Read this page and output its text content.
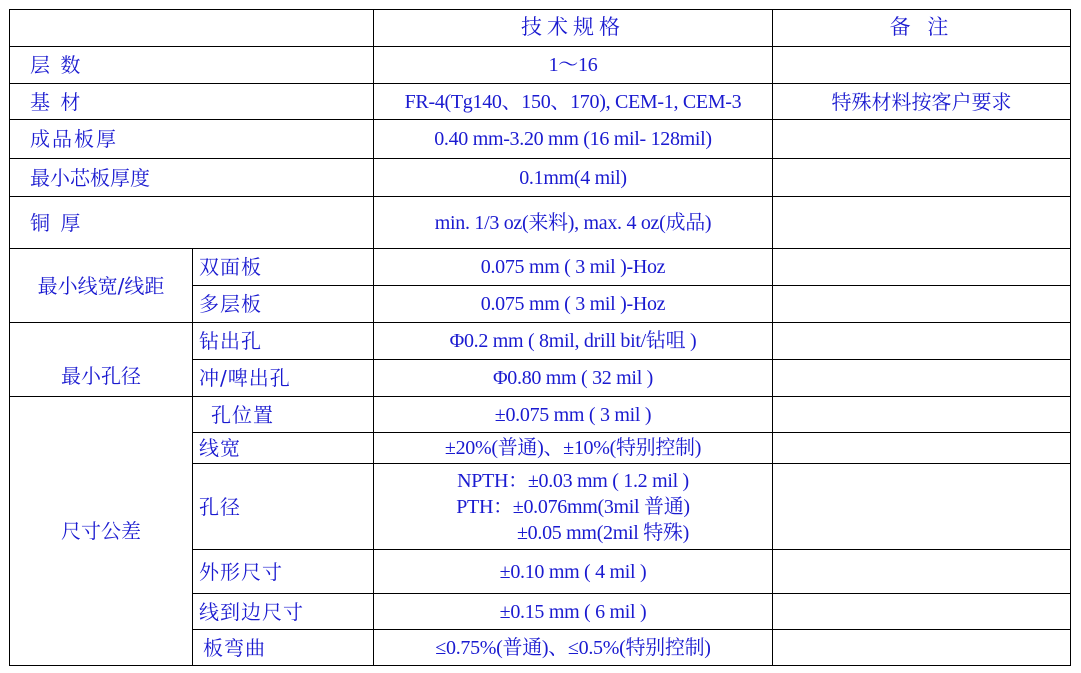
		技术规格	备 注
层 数		1～16	
基 材		FR-4(Tg140、150、170), CEM-1, CEM-3	特殊材料按客户要求
成品板厚		0.40 mm-3.20 mm (16 mil- 128mil)	
最小芯板厚度		0.1mm(4 mil)	
铜 厚		min. 1/3 oz(来料), max. 4 oz(成品)	
最小线宽/线距	双面板	0.075 mm ( 3 mil )-Hoz	
	多层板	0.075 mm ( 3 mil )-Hoz	
最小孔径	钻出孔	Φ0.2 mm ( 8mil, drill bit/钻咀 )	
	冲/啤出孔	Φ0.80 mm ( 32 mil )	
尺寸公差	孔位置	±0.075 mm ( 3 mil )	
	线宽	±20%(普通)、±10%(特别控制)	
	孔径	NPTH：±0.03 mm ( 1.2 mil )
PTH：±0.076mm(3mil 普通)
±0.05 mm(2mil 特殊)	

	外形尺寸	±0.10 mm ( 4 mil )	
	线到边尺寸	±0.15 mm ( 6 mil )	
	板弯曲	≤0.75%(普通)、≤0.5%(特别控制)	
